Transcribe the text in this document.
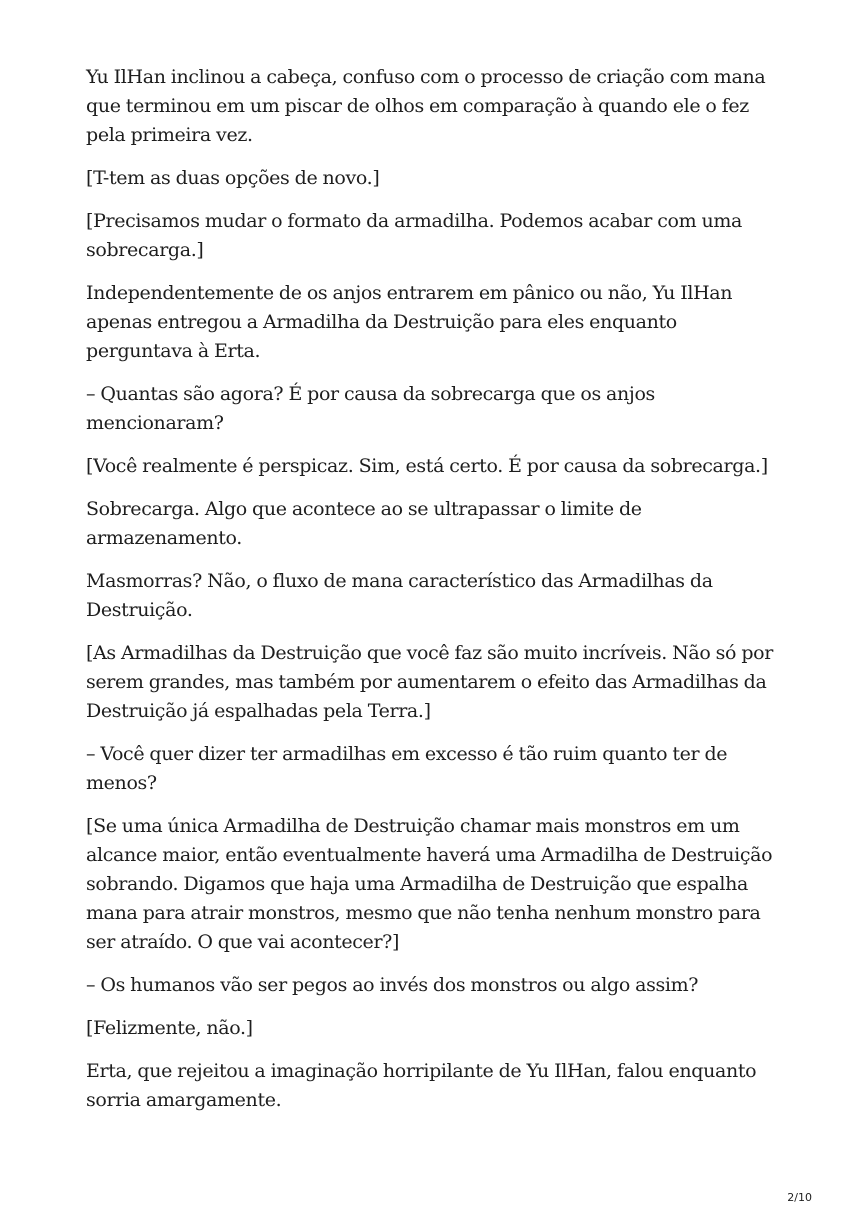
Yu IlHan inclinou a cabeça, confuso com o processo de criação com mana que terminou em um piscar de olhos em comparação à quando ele o fez pela primeira vez.

[T-tem as duas opções de novo.]

[Precisamos mudar o formato da armadilha. Podemos acabar com uma sobrecarga.]

Independentemente de os anjos entrarem em pânico ou não, Yu IlHan apenas entregou a Armadilha da Destruição para eles enquanto perguntava à Erta.

– Quantas são agora? É por causa da sobrecarga que os anjos mencionaram?

[Você realmente é perspicaz. Sim, está certo. É por causa da sobrecarga.]

Sobrecarga. Algo que acontece ao se ultrapassar o limite de armazenamento.

Masmorras? Não, o fluxo de mana característico das Armadilhas da Destruição.

[As Armadilhas da Destruição que você faz são muito incríveis. Não só por serem grandes, mas também por aumentarem o efeito das Armadilhas da Destruição já espalhadas pela Terra.]

– Você quer dizer ter armadilhas em excesso é tão ruim quanto ter de menos?

[Se uma única Armadilha de Destruição chamar mais monstros em um alcance maior, então eventualmente haverá uma Armadilha de Destruição sobrando. Digamos que haja uma Armadilha de Destruição que espalha mana para atrair monstros, mesmo que não tenha nenhum monstro para ser atraído. O que vai acontecer?]

– Os humanos vão ser pegos ao invés dos monstros ou algo assim?

[Felizmente, não.]

Erta, que rejeitou a imaginação horripilante de Yu IlHan, falou enquanto sorria amargamente.

2/10
